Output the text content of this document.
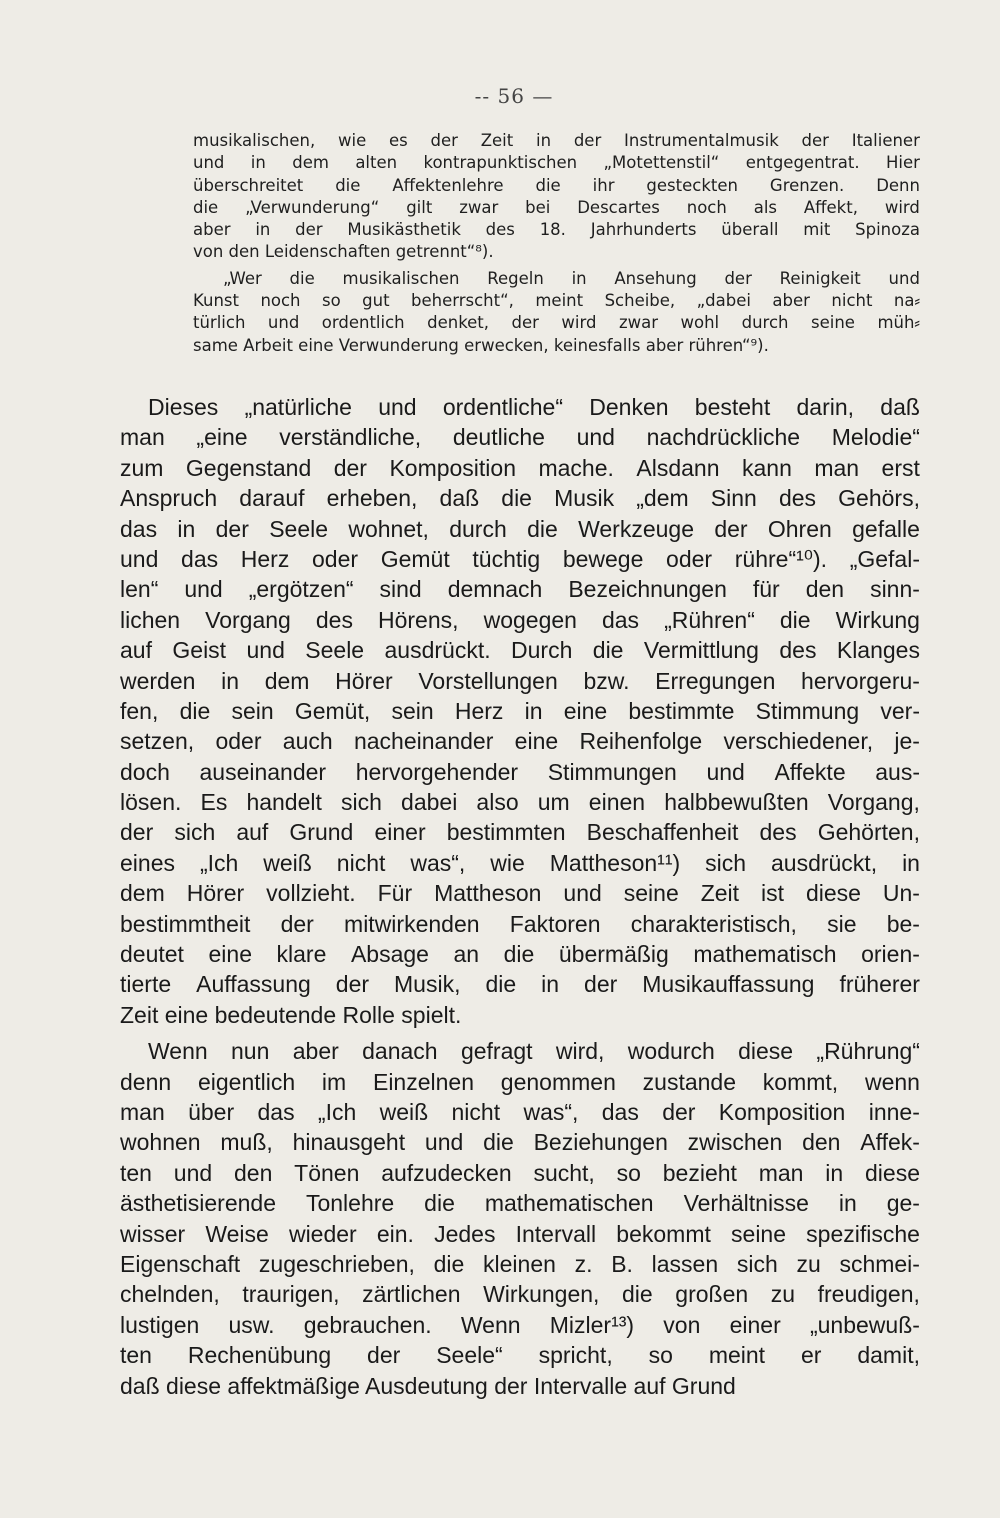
-- 56 —
musikalischen, wie es der Zeit in der Instrumentalmusik der Italiener
und in dem alten kontrapunktischen „Motettenstil“ entgegentrat. Hier
überschreitet die Affektenlehre die ihr gesteckten Grenzen. Denn
die „Verwunderung“ gilt zwar bei Descartes noch als Affekt, wird
aber in der Musikästhetik des 18. Jahrhunderts überall mit Spinoza
von den Leidenschaften getrennt“⁸).
„Wer die musikalischen Regeln in Ansehung der Reinigkeit und
Kunst noch so gut beherrscht“, meint Scheibe, „dabei aber nicht na⸗
türlich und ordentlich denket, der wird zwar wohl durch seine müh⸗
same Arbeit eine Verwunderung erwecken, keinesfalls aber rühren“⁹).
Dieses „natürliche und ordentliche“ Denken besteht darin, daß
man „eine verständliche, deutliche und nachdrückliche Melodie“
zum Gegenstand der Komposition mache. Alsdann kann man erst
Anspruch darauf erheben, daß die Musik „dem Sinn des Gehörs,
das in der Seele wohnet, durch die Werkzeuge der Ohren gefalle
und das Herz oder Gemüt tüchtig bewege oder rühre“¹⁰). „Gefal-
len“ und „ergötzen“ sind demnach Bezeichnungen für den sinn-
lichen Vorgang des Hörens, wogegen das „Rühren“ die Wirkung
auf Geist und Seele ausdrückt. Durch die Vermittlung des Klanges
werden in dem Hörer Vorstellungen bzw. Erregungen hervorgeru-
fen, die sein Gemüt, sein Herz in eine bestimmte Stimmung ver-
setzen, oder auch nacheinander eine Reihenfolge verschiedener, je-
doch auseinander hervorgehender Stimmungen und Affekte aus-
lösen. Es handelt sich dabei also um einen halbbewußten Vorgang,
der sich auf Grund einer bestimmten Beschaffenheit des Gehörten,
eines „Ich weiß nicht was“, wie Mattheson¹¹) sich ausdrückt, in
dem Hörer vollzieht. Für Mattheson und seine Zeit ist diese Un-
bestimmtheit der mitwirkenden Faktoren charakteristisch, sie be-
deutet eine klare Absage an die übermäßig mathematisch orien-
tierte Auffassung der Musik, die in der Musikauffassung früherer
Zeit eine bedeutende Rolle spielt.
Wenn nun aber danach gefragt wird, wodurch diese „Rührung“
denn eigentlich im Einzelnen genommen zustande kommt, wenn
man über das „Ich weiß nicht was“, das der Komposition inne-
wohnen muß, hinausgeht und die Beziehungen zwischen den Affek-
ten und den Tönen aufzudecken sucht, so bezieht man in diese
ästhetisierende Tonlehre die mathematischen Verhältnisse in ge-
wisser Weise wieder ein. Jedes Intervall bekommt seine spezifische
Eigenschaft zugeschrieben, die kleinen z. B. lassen sich zu schmei-
chelnden, traurigen, zärtlichen Wirkungen, die großen zu freudigen,
lustigen usw. gebrauchen. Wenn Mizler¹³) von einer „unbewuß-
ten Rechenübung der Seele“ spricht, so meint er damit,
daß diese affektmäßige Ausdeutung der Intervalle auf Grund
